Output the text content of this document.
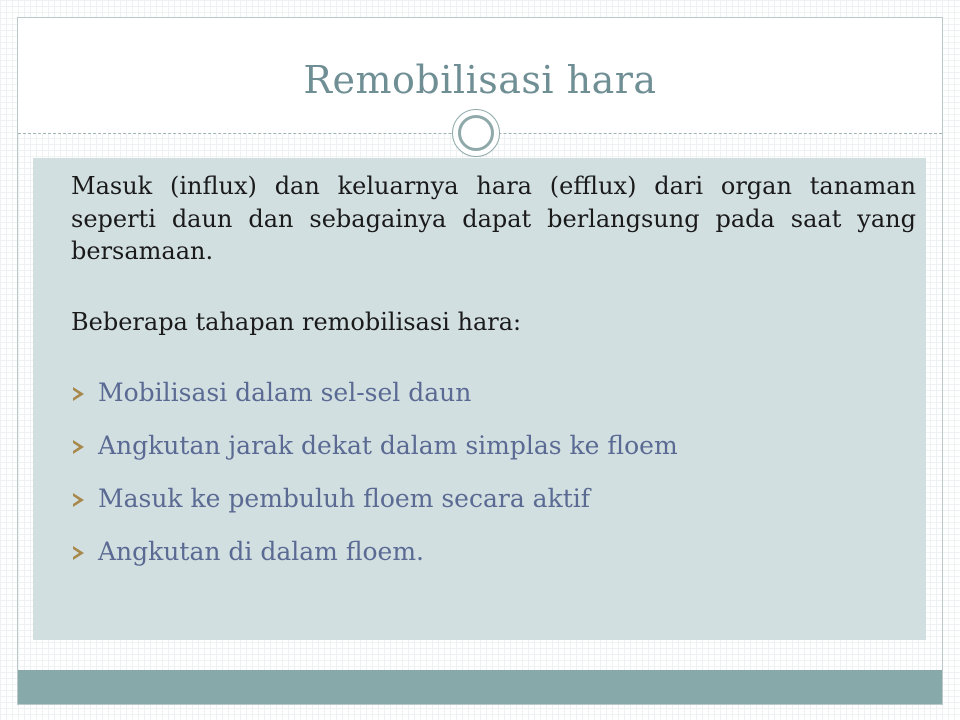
Remobilisasi hara
Masuk (influx) dan keluarnya hara (efflux) dari organ tanaman seperti daun dan sebagainya dapat berlangsung pada saat yang bersamaan.
Beberapa tahapan remobilisasi hara:
Mobilisasi dalam sel-sel daun
Angkutan jarak dekat dalam simplas ke floem
Masuk ke pembuluh floem secara aktif
Angkutan di dalam floem.
